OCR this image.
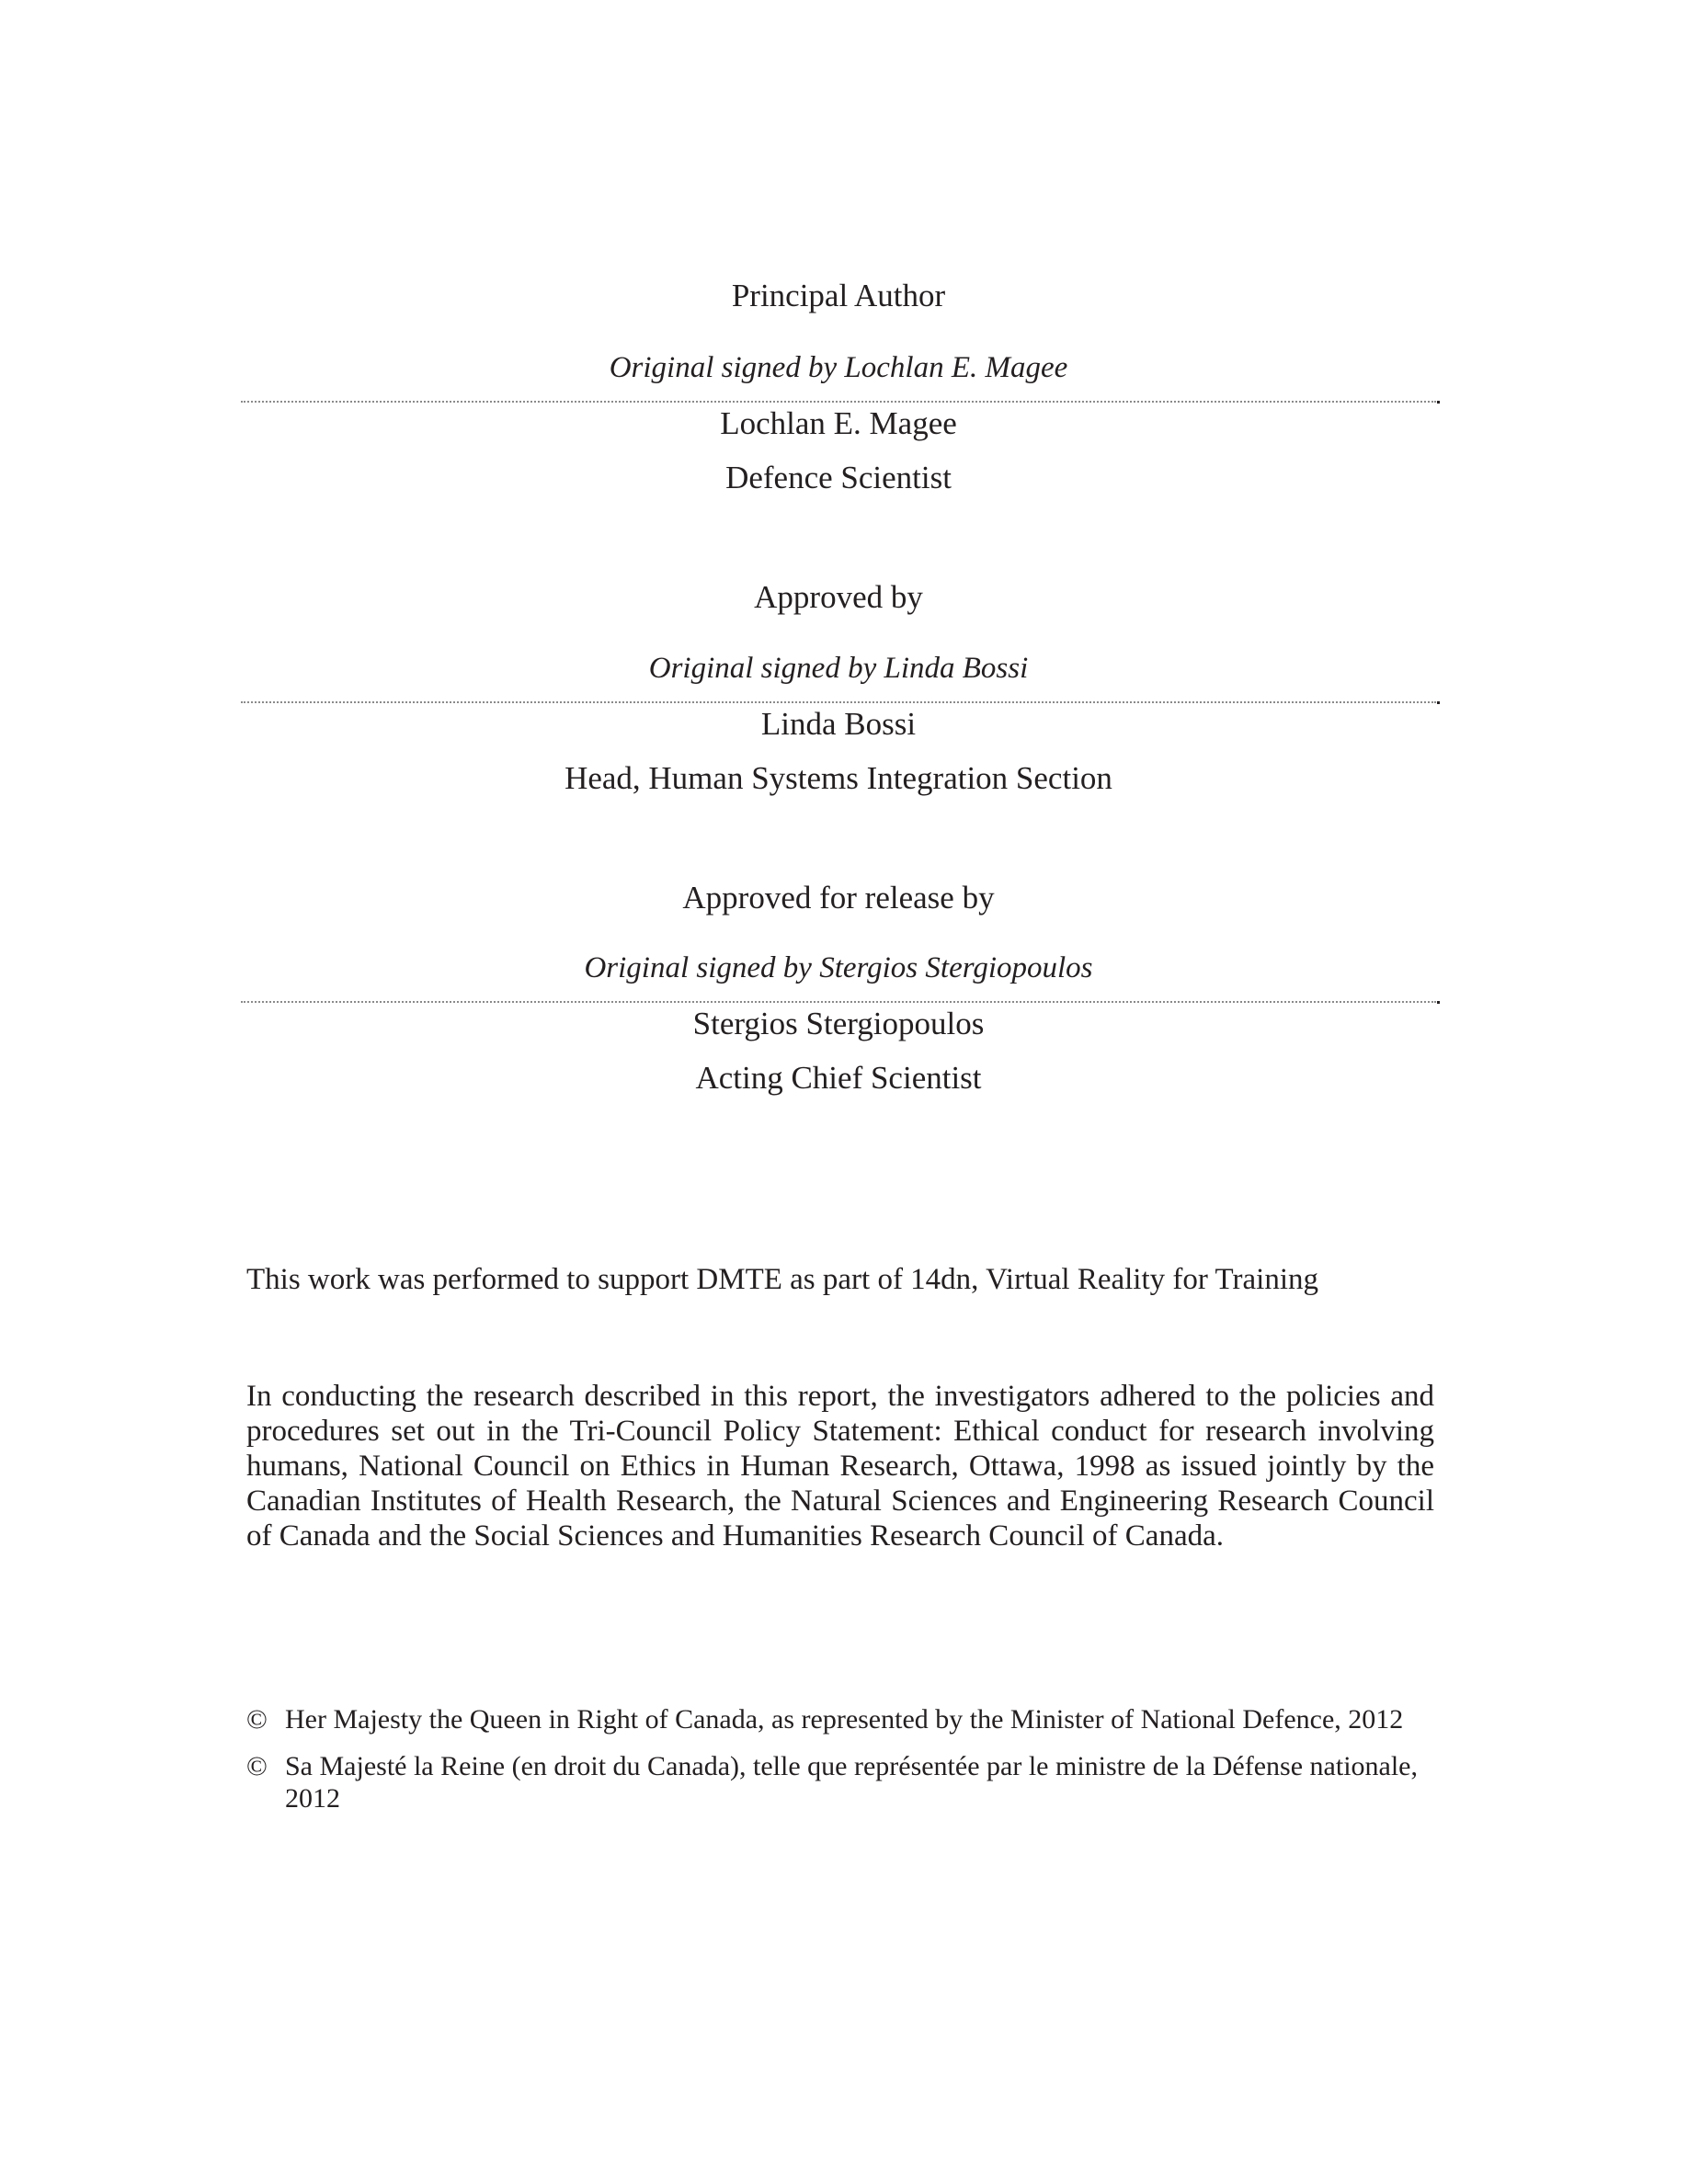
Principal Author
Original signed by Lochlan E. Magee
Lochlan E. Magee
Defence Scientist
Approved by
Original signed by Linda Bossi
Linda Bossi
Head, Human Systems Integration Section
Approved for release by
Original signed by Stergios Stergiopoulos
Stergios Stergiopoulos
Acting Chief Scientist
This work was performed to support DMTE as part of 14dn, Virtual Reality for Training
In conducting the research described in this report, the investigators adhered to the policies and procedures set out in the Tri-Council Policy Statement: Ethical conduct for research involving humans, National Council on Ethics in Human Research, Ottawa, 1998 as issued jointly by the Canadian Institutes of Health Research, the Natural Sciences and Engineering Research Council of Canada and the Social Sciences and Humanities Research Council of Canada.
© Her Majesty the Queen in Right of Canada, as represented by the Minister of National Defence, 2012
© Sa Majesté la Reine (en droit du Canada), telle que représentée par le ministre de la Défense nationale, 2012
